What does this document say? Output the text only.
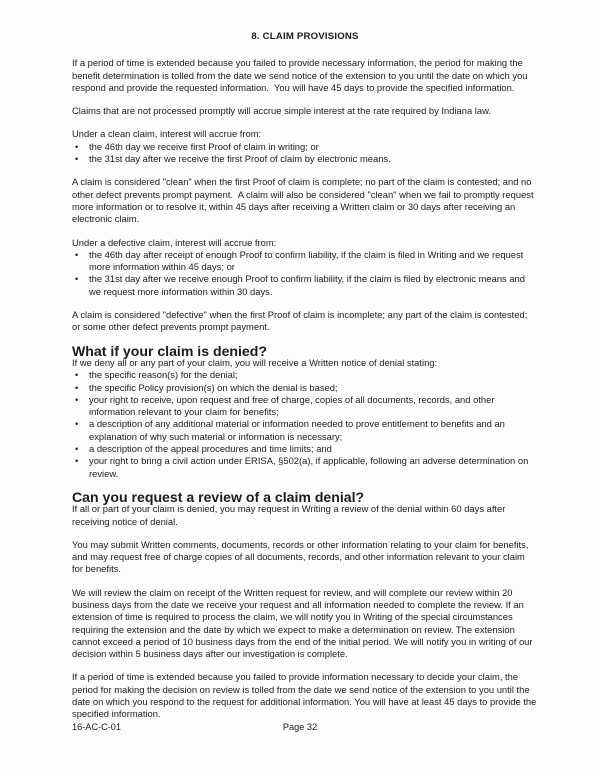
8. CLAIM PROVISIONS

If a period of time is extended because you failed to provide necessary information, the period for making the benefit determination is tolled from the date we send notice of the extension to you until the date on which you respond and provide the requested information.  You will have 45 days to provide the specified information.

Claims that are not processed promptly will accrue simple interest at the rate required by Indiana law.

Under a clean claim, interest will accrue from:

• the 46th day we receive first Proof of claim in writing; or
• the 31st day after we receive the first Proof of claim by electronic means.

A claim is considered "clean" when the first Proof of claim is complete; no part of the claim is contested; and no other defect prevents prompt payment.  A claim will also be considered "clean" when we fail to promptly request more information or to resolve it, within 45 days after receiving a Written claim or 30 days after receiving an electronic claim.

Under a defective claim, interest will accrue from:

• the 46th day after receipt of enough Proof to confirm liability, if the claim is filed in Writing and we request more information within 45 days; or
• the 31st day after we receive enough Proof to confirm liability, if the claim is filed by electronic means and we request more information within 30 days.

A claim is considered "defective" when the first Proof of claim is incomplete; any part of the claim is contested; or some other defect prevents prompt payment.

What if your claim is denied?

If we deny all or any part of your claim, you will receive a Written notice of denial stating:

• the specific reason(s) for the denial;
• the specific Policy provision(s) on which the denial is based;
• your right to receive, upon request and free of charge, copies of all documents, records, and other information relevant to your claim for benefits;
• a description of any additional material or information needed to prove entitlement to benefits and an explanation of why such material or information is necessary;
• a description of the appeal procedures and time limits; and
• your right to bring a civil action under ERISA, §502(a), if applicable, following an adverse determination on review.
Can you request a review of a claim denial?

If all or part of your claim is denied, you may request in Writing a review of the denial within 60 days after receiving notice of denial.

You may submit Written comments, documents, records or other information relating to your claim for benefits, and may request free of charge copies of all documents, records, and other information relevant to your claim for benefits.

We will review the claim on receipt of the Written request for review, and will complete our review within 20 business days from the date we receive your request and all information needed to complete the review. If an extension of time is required to process the claim, we will notify you in Writing of the special circumstances requiring the extension and the date by which we expect to make a determination on review. The extension cannot exceed a period of 10 business days from the end of the initial period. We will notify you in writing of our decision within 5 business days after our investigation is complete.

If a period of time is extended because you failed to provide information necessary to decide your claim, the period for making the decision on review is tolled from the date we send notice of the extension to you until the date on which you respond to the request for additional information. You will have at least 45 days to provide the specified information.

16-AC-C-01	Page 32
